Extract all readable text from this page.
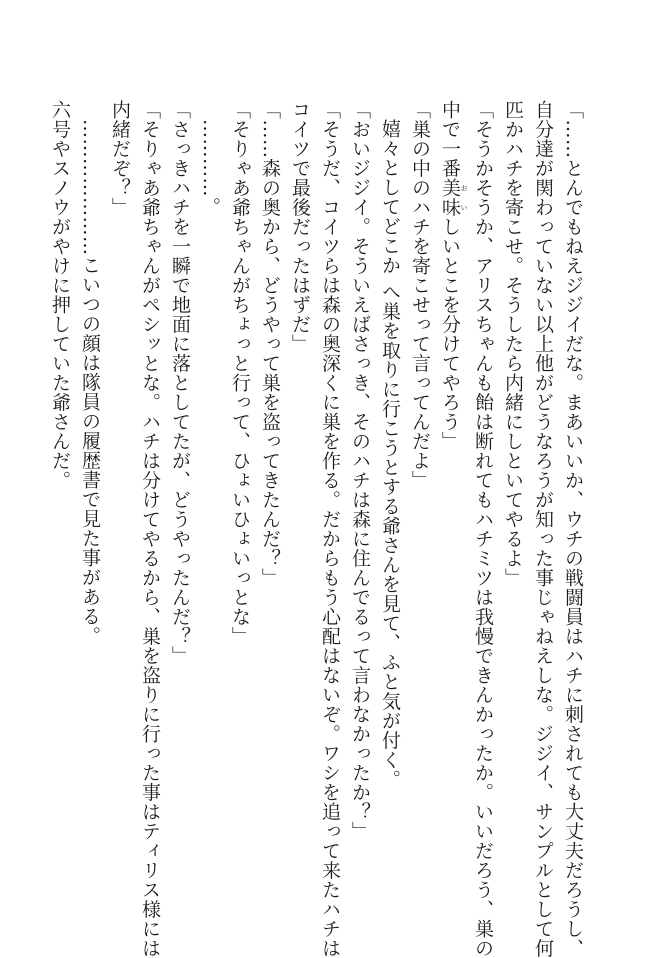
「……とんでもねえジジイだな。まあいいか、ウチの戦闘員はハチに刺されても大丈夫だろうし、
自分達が関わっていない以上他がどうなろうが知った事じゃねえしな。ジジイ、サンプルとして何
匹かハチを寄こせ。そうしたら内緒にしといてやるよ」
「そうかそうか、アリスちゃんも飴は断れてもハチミツは我慢できんかったか。いいだろう、巣の
中で一番美味 おいしいとこを分けてやろう」
「巣の中のハチを寄こせって言ってんだよ」
嬉々としてどこか へ巣を取りに行こうとする爺さんを見て、ふと気が付く。
「おいジジイ。そういえばさっき、そのハチは森に住んでるって言わなかったか？」
「そうだ、コイツらは森の奥深くに巣を作る。だからもう心配はないぞ。ワシを追って来たハチは
コイツで最後だったはずだ」
「……森の奥から、どうやって巣を盗ってきたんだ？」
「そりゃあ爺ちゃんがちょっと行って、ひょいひょいっとな」
…………。
「さっきハチを一瞬で地面に落としてたが、どうやったんだ？」
「そりゃあ爺ちゃんがペシッとな。ハチは分けてやるから、巣を盗りに行った事はティリス様には
内緒だぞ？」
…………………こいつの顔は隊員の履歴書で見た事がある。
六号やスノウがやけに押していた爺さんだ。
